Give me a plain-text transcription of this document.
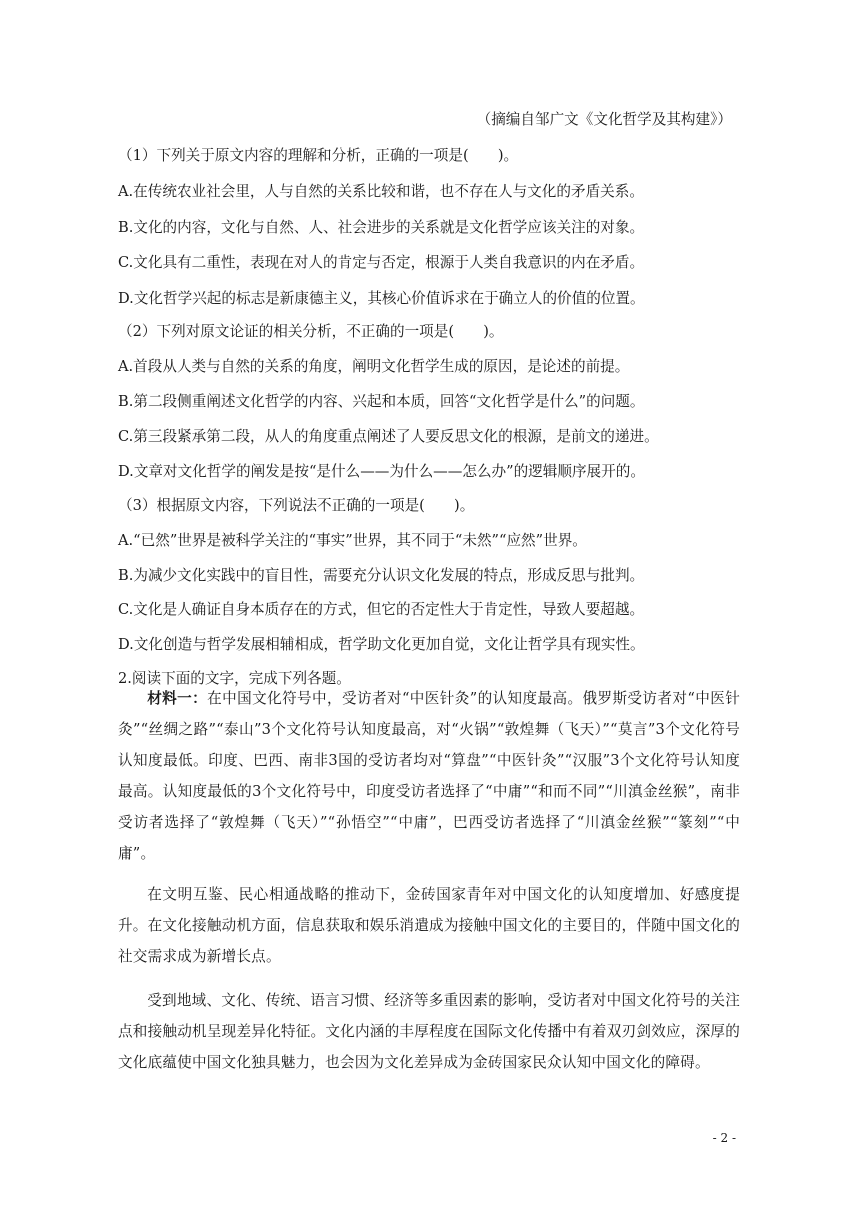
（摘编自邹广文《文化哲学及其构建》）
（1）下列关于原文内容的理解和分析，正确的一项是(　　)。
A.在传统农业社会里，人与自然的关系比较和谐，也不存在人与文化的矛盾关系。
B.文化的内容，文化与自然、人、社会进步的关系就是文化哲学应该关注的对象。
C.文化具有二重性，表现在对人的肯定与否定，根源于人类自我意识的内在矛盾。
D.文化哲学兴起的标志是新康德主义，其核心价值诉求在于确立人的价值的位置。
（2）下列对原文论证的相关分析，不正确的一项是(　　)。
A.首段从人类与自然的关系的角度，阐明文化哲学生成的原因，是论述的前提。
B.第二段侧重阐述文化哲学的内容、兴起和本质，回答“文化哲学是什么”的问题。
C.第三段紧承第二段，从人的角度重点阐述了人要反思文化的根源，是前文的递进。
D.文章对文化哲学的阐发是按“是什么——为什么——怎么办”的逻辑顺序展开的。
（3）根据原文内容，下列说法不正确的一项是(　　)。
A.“已然”世界是被科学关注的“事实”世界，其不同于“未然”“应然”世界。
B.为减少文化实践中的盲目性，需要充分认识文化发展的特点，形成反思与批判。
C.文化是人确证自身本质存在的方式，但它的否定性大于肯定性，导致人要超越。
D.文化创造与哲学发展相辅相成，哲学助文化更加自觉，文化让哲学具有现实性。
2.阅读下面的文字，完成下列各题。
材料一：在中国文化符号中，受访者对“中医针灸”的认知度最高。俄罗斯受访者对“中医针灸”“丝绸之路”“泰山”3个文化符号认知度最高，对“火锅”“敦煌舞（飞天）”“莫言”3个文化符号认知度最低。印度、巴西、南非3国的受访者均对“算盘”“中医针灸”“汉服”3个文化符号认知度最高。认知度最低的3个文化符号中，印度受访者选择了“中庸”“和而不同”“川滇金丝猴”，南非受访者选择了“敦煌舞（飞天）”“孙悟空”“中庸”，巴西受访者选择了“川滇金丝猴”“篆刻”“中庸”。
在文明互鉴、民心相通战略的推动下，金砖国家青年对中国文化的认知度增加、好感度提升。在文化接触动机方面，信息获取和娱乐消遣成为接触中国文化的主要目的，伴随中国文化的社交需求成为新增长点。
受到地域、文化、传统、语言习惯、经济等多重因素的影响，受访者对中国文化符号的关注点和接触动机呈现差异化特征。文化内涵的丰厚程度在国际文化传播中有着双刃剑效应，深厚的文化底蕴使中国文化独具魅力，也会因为文化差异成为金砖国家民众认知中国文化的障碍。
- 2 -
